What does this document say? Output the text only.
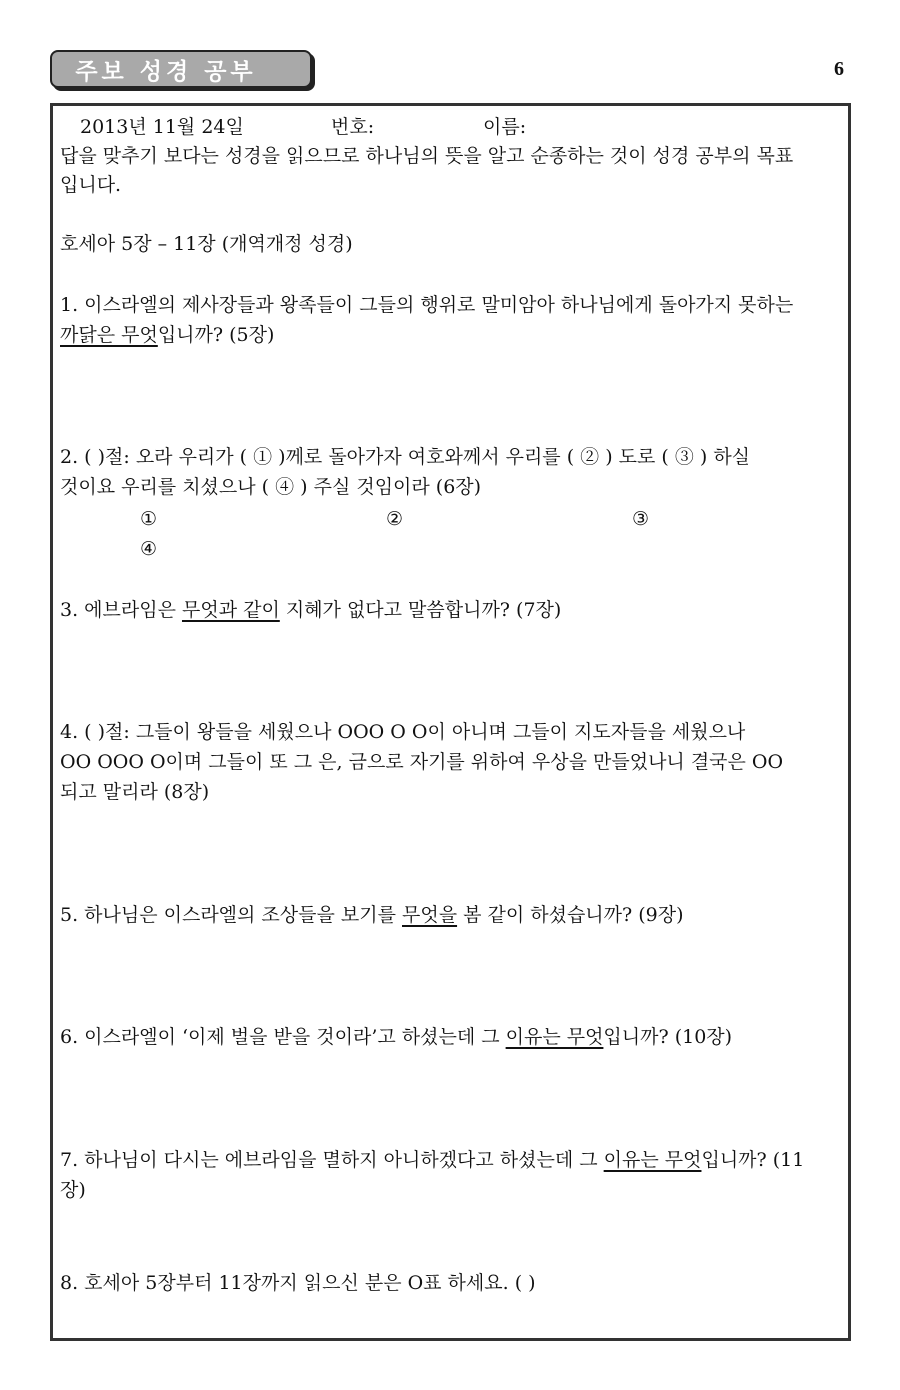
주보 성경 공부	6
2013년 11월 24일	번호:	이름:
답을 맞추기 보다는 성경을 읽으므로 하나님의 뜻을 알고 순종하는 것이 성경 공부의 목표
입니다.
호세아 5장 – 11장 (개역개정 성경)
1. 이스라엘의 제사장들과 왕족들이 그들의 행위로 말미암아 하나님에게 돌아가지 못하는
까닭은 무엇입니까? (5장)
2. ( )절: 오라 우리가 ( ① )께로 돌아가자 여호와께서 우리를 ( ② ) 도로 ( ③ ) 하실
것이요 우리를 치셨으나 ( ④ ) 주실 것임이라 (6장)
①	②	③
④
3. 에브라임은 무엇과 같이 지혜가 없다고 말씀합니까? (7장)
4. ( )절: 그들이 왕들을 세웠으나 OOO O O이 아니며 그들이 지도자들을 세웠으나
OO OOO O이며 그들이 또 그 은, 금으로 자기를 위하여 우상을 만들었나니 결국은 OO
되고 말리라 (8장)
5. 하나님은 이스라엘의 조상들을 보기를 무엇을 봄 같이 하셨습니까? (9장)
6. 이스라엘이 ‘이제 벌을 받을 것이라’고 하셨는데 그 이유는 무엇입니까? (10장)
7. 하나님이 다시는 에브라임을 멸하지 아니하겠다고 하셨는데 그 이유는 무엇입니까? (11
장)
8. 호세아 5장부터 11장까지 읽으신 분은 O표 하세요. ( )
